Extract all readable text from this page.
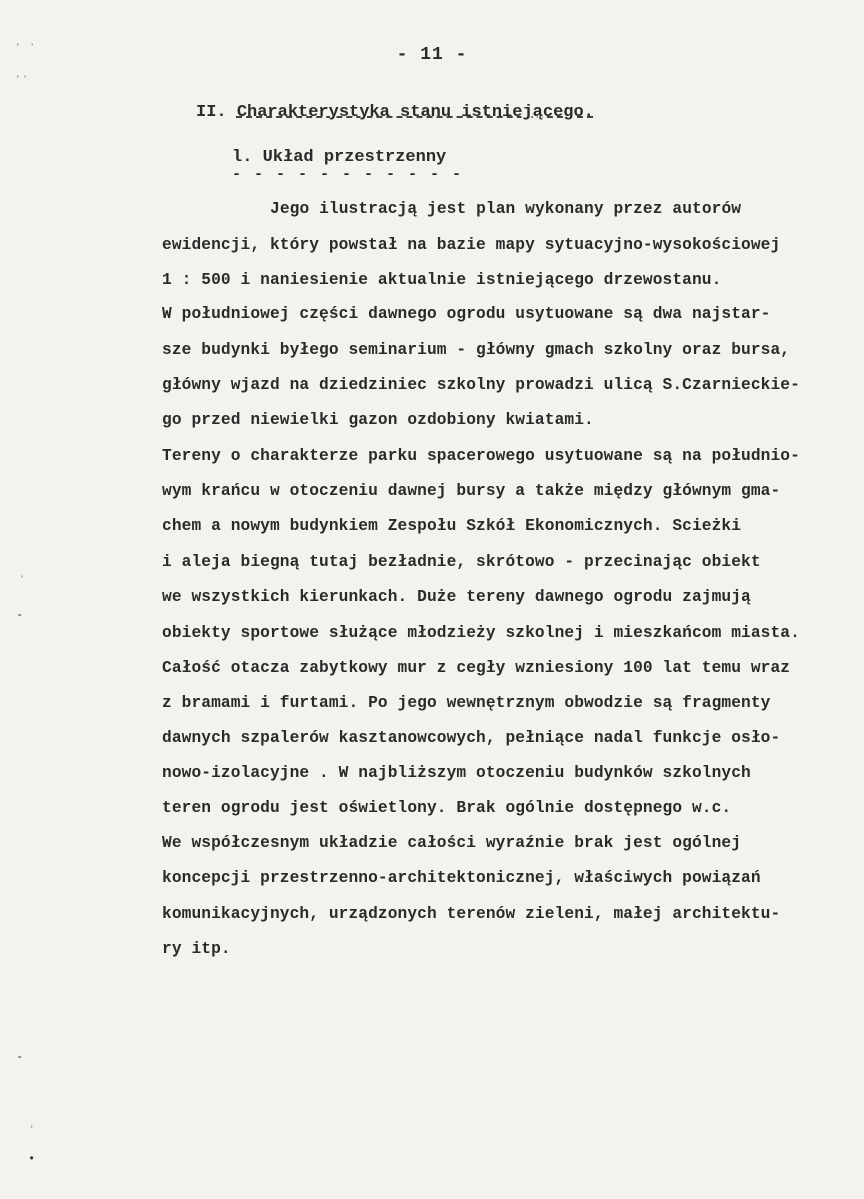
˒ ˒
˒˒
˒
-
-
˒
•
- 11 -
II. Charakterystyka stanu istniejącego.
l. Układ przestrzenny
- - - - - - - - - - -
Jego ilustracją jest plan wykonany przez autorów
ewidencji, który powstał na bazie mapy sytuacyjno-wysokościowej
1 : 500 i naniesienie aktualnie istniejącego drzewostanu.
W południowej części dawnego ogrodu usytuowane są dwa najstar-
sze budynki byłego seminarium - główny gmach szkolny oraz bursa,
główny wjazd na dziedziniec szkolny prowadzi ulicą S.Czarnieckie-
go przed niewielki gazon ozdobiony kwiatami.
Tereny o charakterze parku spacerowego usytuowane są na południo-
wym krańcu w otoczeniu dawnej bursy a także między głównym gma-
chem a nowym budynkiem Zespołu Szkół Ekonomicznych. Scieżki
i aleja biegną tutaj bezładnie, skrótowo - przecinając obiekt
we wszystkich kierunkach. Duże tereny dawnego ogrodu zajmują
obiekty sportowe służące młodzieży szkolnej i mieszkańcom miasta.
Całość otacza zabytkowy mur z cegły wzniesiony 100 lat temu wraz
z bramami i furtami. Po jego wewnętrznym obwodzie są fragmenty
dawnych szpalerów kasztanowcowych, pełniące nadal funkcje osło-
nowo-izolacyjne . W najbliższym otoczeniu budynków szkolnych
teren ogrodu jest oświetlony. Brak ogólnie dostępnego w.c.
We współczesnym układzie całości wyraźnie brak jest ogólnej
koncepcji przestrzenno-architektonicznej, właściwych powiązań
komunikacyjnych, urządzonych terenów zieleni, małej architektu-
ry itp.
